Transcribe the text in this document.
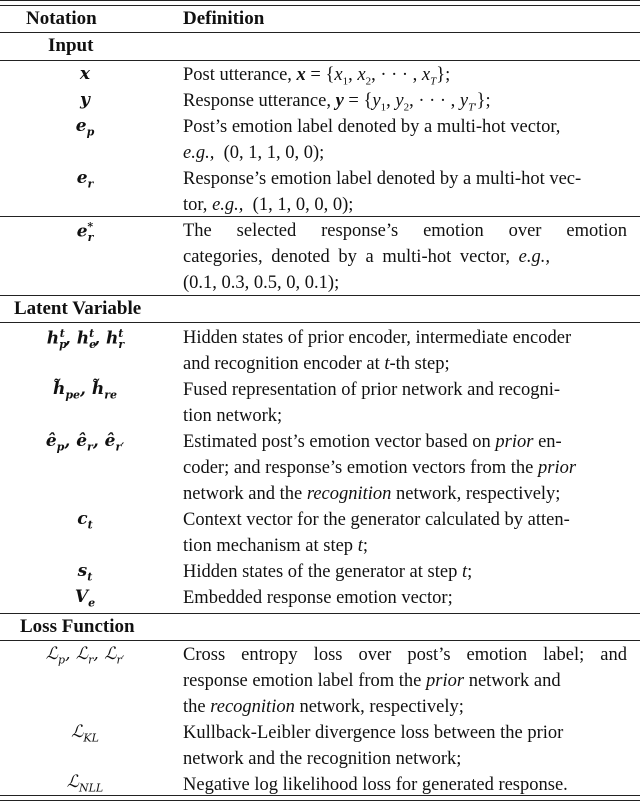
Notation	Definition
Input
x	Post utterance, $x = \{x_1$, $x_2$, · · · , $x_T$};
y	Response utterance, $y = \{y_1$, $y_2$, · · · , $y_{T'}$};
$e_p$	Post’s emotion label denoted by a multi-hot vector,
e.g., (0, 1, 1, 0, 0);
$e_r$	Response’s emotion label denoted by a multi-hot vec-
tor, e.g., (1, 1, 0, 0, 0);
$e_r^*$	The selected response’s emotion over emotion
categories, denoted by a multi-hot vector, e.g.,
(0.1, 0.3, 0.5, 0, 0.1);
Latent Variable
$h_p^t$, $h_e^t$, $h_r^t$	Hidden states of prior encoder, intermediate encoder
and recognition encoder at t-th step;
$h̃_{pe}$, $h̃_{re}$	Fused representation of prior network and recogni-
tion network;
$ê_p$, $ê_r$, $ê_{r'}$	Estimated post’s emotion vector based on prior en-
coder; and response’s emotion vectors from the prior
network and the recognition network, respectively;
$c_t$	Context vector for the generator calculated by atten-
tion mechanism at step t;
$s_t$	Hidden states of the generator at step t;
$V_e$	Embedded response emotion vector;
Loss Function
ℒ$_p$, ℒ$_r$, ℒ$_{r'}$	Cross entropy loss over post’s emotion label; and
response emotion label from the prior network and
the recognition network, respectively;
ℒ$_{KL}$	Kullback-Leibler divergence loss between the prior
network and the recognition network;
ℒ$_{NLL}$	Negative log likelihood loss for generated response.
